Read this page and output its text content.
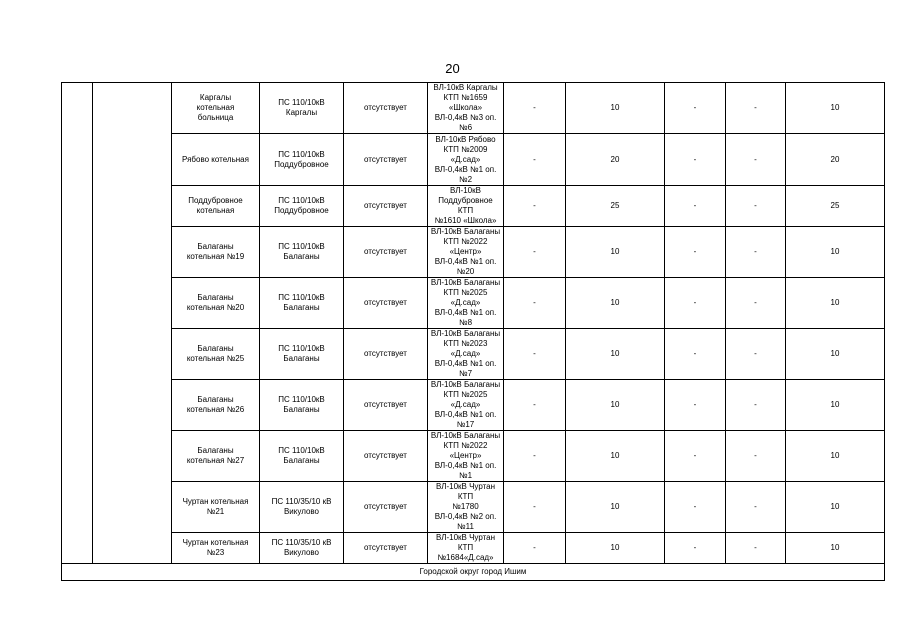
20

		Каргалы
котельная
больница	ПС 110/10кВ
Каргалы	отсутствует	ВЛ-10кВ Каргалы
КТП №1659 «Школа»
ВЛ-0,4кВ №3 оп.№6	-	10	-	-	10

		Рябово котельная	ПС 110/10кВ
Поддубровное	отсутствует	ВЛ-10кВ Рябово
КТП №2009 «Д.сад»
ВЛ-0,4кВ №1 оп.№2	-	20	-	-	20

		Поддубровное
котельная	ПС 110/10кВ
Поддубровное	отсутствует	ВЛ-10кВ
Поддубровное КТП
№1610 «Школа»	-	25	-	-	25

		Балаганы
котельная №19	ПС 110/10кВ
Балаганы	отсутствует	ВЛ-10кВ Балаганы
КТП №2022 «Центр»
ВЛ-0,4кВ №1 оп.№20	-	10	-	-	10

		Балаганы
котельная №20	ПС 110/10кВ
Балаганы	отсутствует	ВЛ-10кВ Балаганы
КТП №2025 «Д.сад»
ВЛ-0,4кВ №1 оп.№8	-	10	-	-	10

		Балаганы
котельная №25	ПС 110/10кВ
Балаганы	отсутствует	ВЛ-10кВ Балаганы
КТП №2023 «Д.сад»
ВЛ-0,4кВ №1 оп.№7	-	10	-	-	10

		Балаганы
котельная №26	ПС 110/10кВ
Балаганы	отсутствует	ВЛ-10кВ Балаганы
КТП №2025 «Д.сад»
ВЛ-0,4кВ №1 оп.№17	-	10	-	-	10

		Балаганы
котельная №27	ПС 110/10кВ
Балаганы	отсутствует	ВЛ-10кВ Балаганы
КТП №2022 «Центр»
ВЛ-0,4кВ №1 оп.№1	-	10	-	-	10

		Чуртан котельная
№21	ПС 110/35/10 кВ
Викулово	отсутствует	ВЛ-10кВ Чуртан КТП
№1780
ВЛ-0,4кВ №2 оп.№11	-	10	-	-	10

		Чуртан котельная
№23	ПС 110/35/10 кВ
Викулово	отсутствует	ВЛ-10кВ Чуртан
КТП №1684«Д.сад»	-	10	-	-	10
Городской округ город Ишим										
